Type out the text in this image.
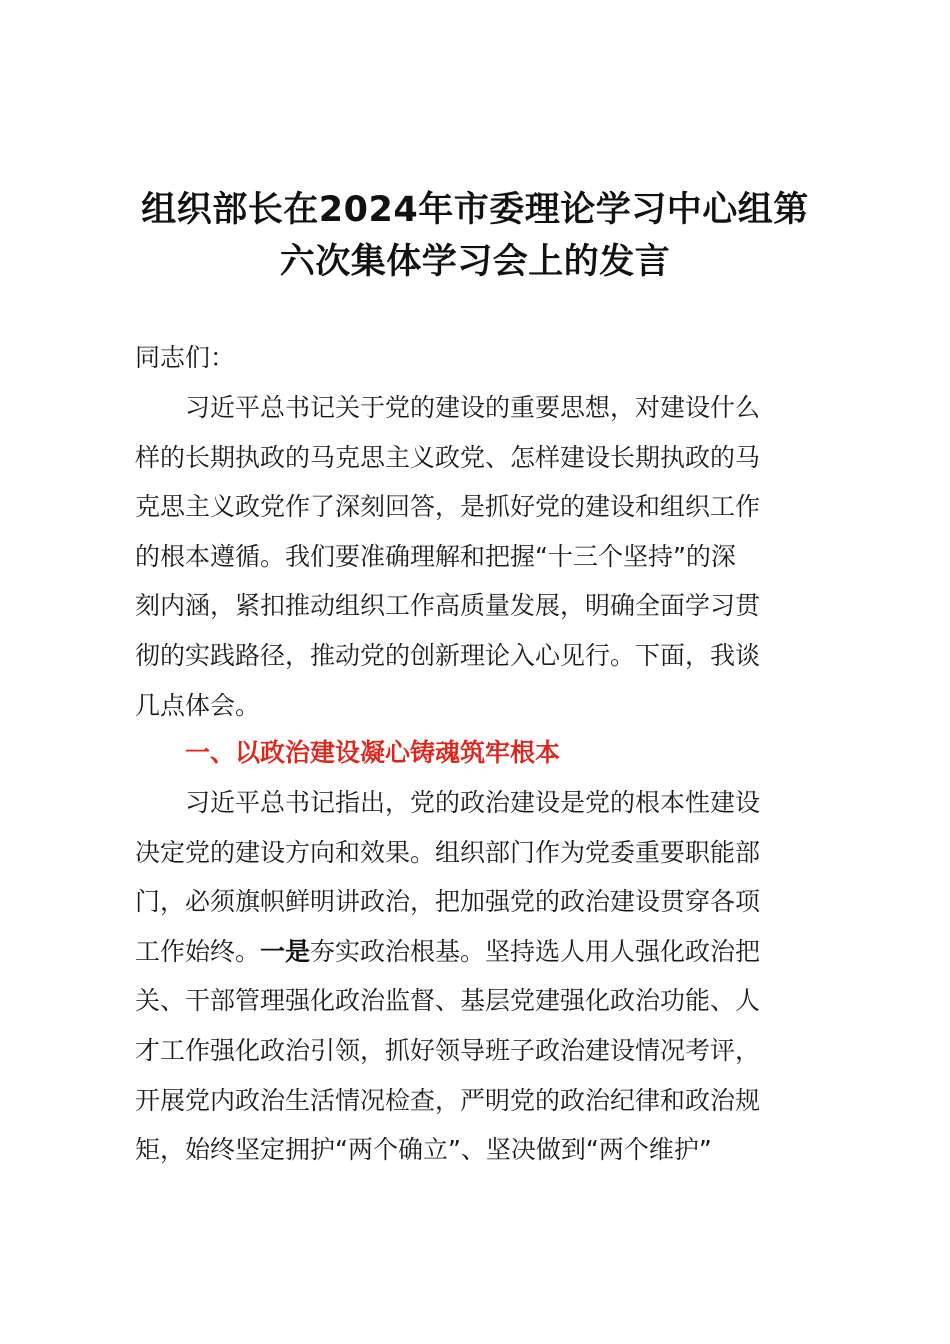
组织部长在2024年市委理论学习中心组第
六次集体学习会上的发言

同志们：

　　习近平总书记关于党的建设的重要思想，对建设什么
样的长期执政的马克思主义政党、怎样建设长期执政的马
克思主义政党作了深刻回答，是抓好党的建设和组织工作
的根本遵循。我们要准确理解和把握“十三个坚持”的深
刻内涵，紧扣推动组织工作高质量发展，明确全面学习贯
彻的实践路径，推动党的创新理论入心见行。下面，我谈
几点体会。
一、以政治建设凝心铸魂筑牢根本
　　习近平总书记指出，党的政治建设是党的根本性建设
决定党的建设方向和效果。组织部门作为党委重要职能部
门，必须旗帜鲜明讲政治，把加强党的政治建设贯穿各项
工作始终。一是夯实政治根基。坚持选人用人强化政治把
关、干部管理强化政治监督、基层党建强化政治功能、人
才工作强化政治引领，抓好领导班子政治建设情况考评，
开展党内政治生活情况检查，严明党的政治纪律和政治规
矩，始终坚定拥护“两个确立”、坚决做到“两个维护”
